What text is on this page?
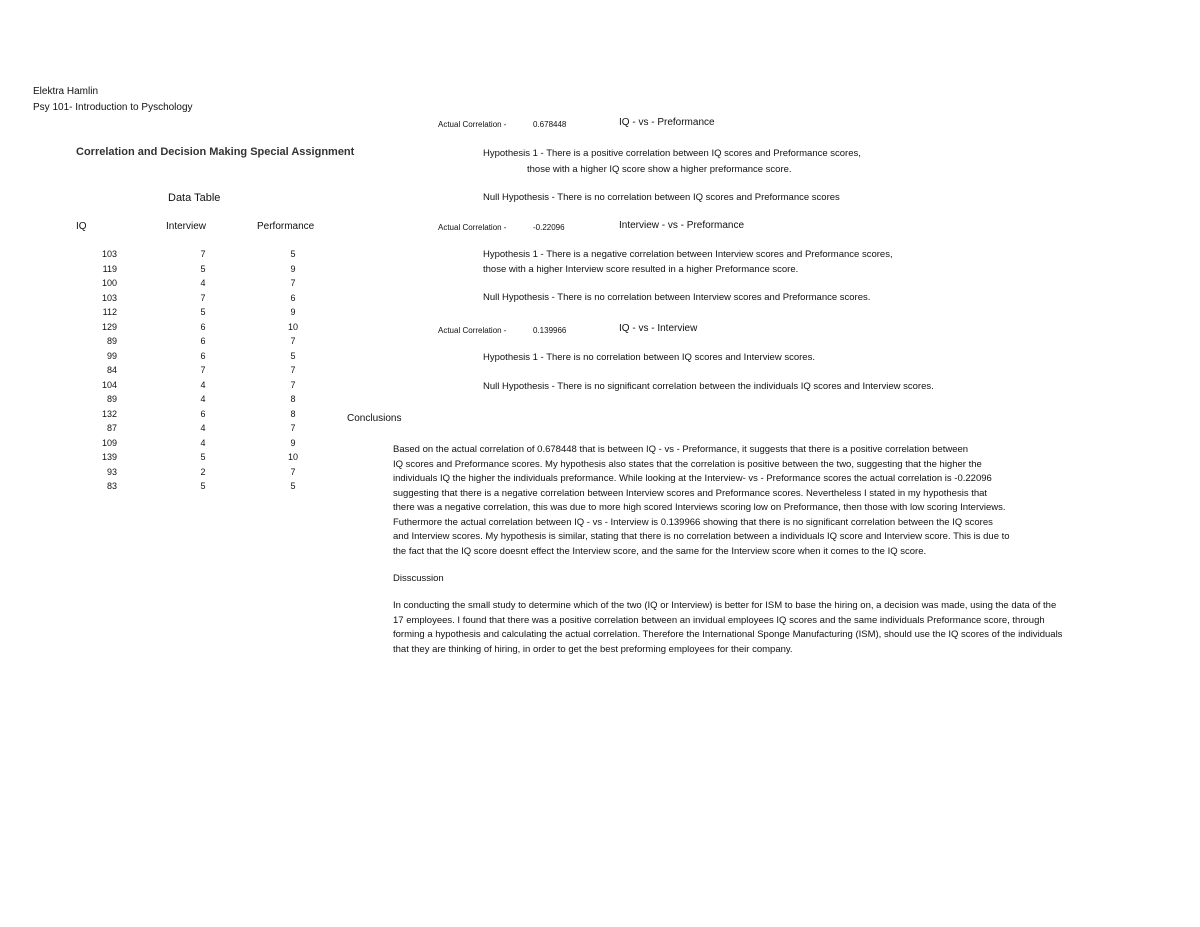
Elektra Hamlin
Psy 101- Introduction to Pyschology
Correlation and Decision Making Special Assignment
Data Table
IQ	Interview	Performance
103	7	5
119	5	9
100	4	7
103	7	6
112	5	9
129	6	10
89	6	7
99	6	5
84	7	7
104	4	7
89	4	8
132	6	8
87	4	7
109	4	9
139	5	10
93	2	7
83	5	5
Actual Correlation -	0.678448	IQ - vs - Preformance
Hypothesis 1 - There is a positive correlation between IQ scores and Preformance scores,
those with a higher IQ score show a higher preformance score.
Null Hypothesis - There is no correlation between IQ scores and Preformance scores
Actual Correlation -	-0.22096	Interview - vs - Preformance
Hypothesis 1 - There is a negative correlation between Interview scores and Preformance scores,
those with a higher Interview score resulted in a higher Preformance score.
Null Hypothesis - There is no correlation between Interview scores and Preformance scores.
Actual Correlation -	0.139966	IQ - vs - Interview
Hypothesis 1 - There is no correlation between IQ scores and Interview scores.
Null Hypothesis - There is no significant correlation between the individuals IQ scores and Interview scores.
Conclusions
Based on the actual correlation of 0.678448 that is between IQ - vs - Preformance, it suggests that there is a positive correlation between
IQ scores and Preformance scores. My hypothesis also states that the correlation is positive between the two, suggesting that the higher the
individuals IQ the higher the individuals preformance. While looking at the Interview- vs - Preformance scores the actual correlation is -0.22096
suggesting that there is a negative correlation between Interview scores and Preformance scores. Nevertheless I stated in my hypothesis that
there was a negative correlation, this was due to more high scored Interviews scoring low on Preformance, then those with low scoring Interviews.
Futhermore the actual correlation between IQ - vs - Interview is 0.139966 showing that there is no significant correlation between the IQ scores
and Interview scores. My hypothesis is similar, stating that there is no correlation between a individuals IQ score and Interview score. This is due to
the fact that the IQ score doesnt effect the Interview score, and the same for the Interview score when it comes to the IQ score.
Disscussion
In conducting the small study to determine which of the two (IQ or Interview) is better for ISM to base the hiring on, a decision was made, using the data of the
17 employees. I found that there was a positive correlation between an invidual employees IQ scores and the same individuals Preformance score, through
forming a hypothesis and calculating the actual correlation. Therefore the International Sponge Manufacturing (ISM), should use the IQ scores of the individuals
that they are thinking of hiring, in order to get the best preforming employees for their company.
